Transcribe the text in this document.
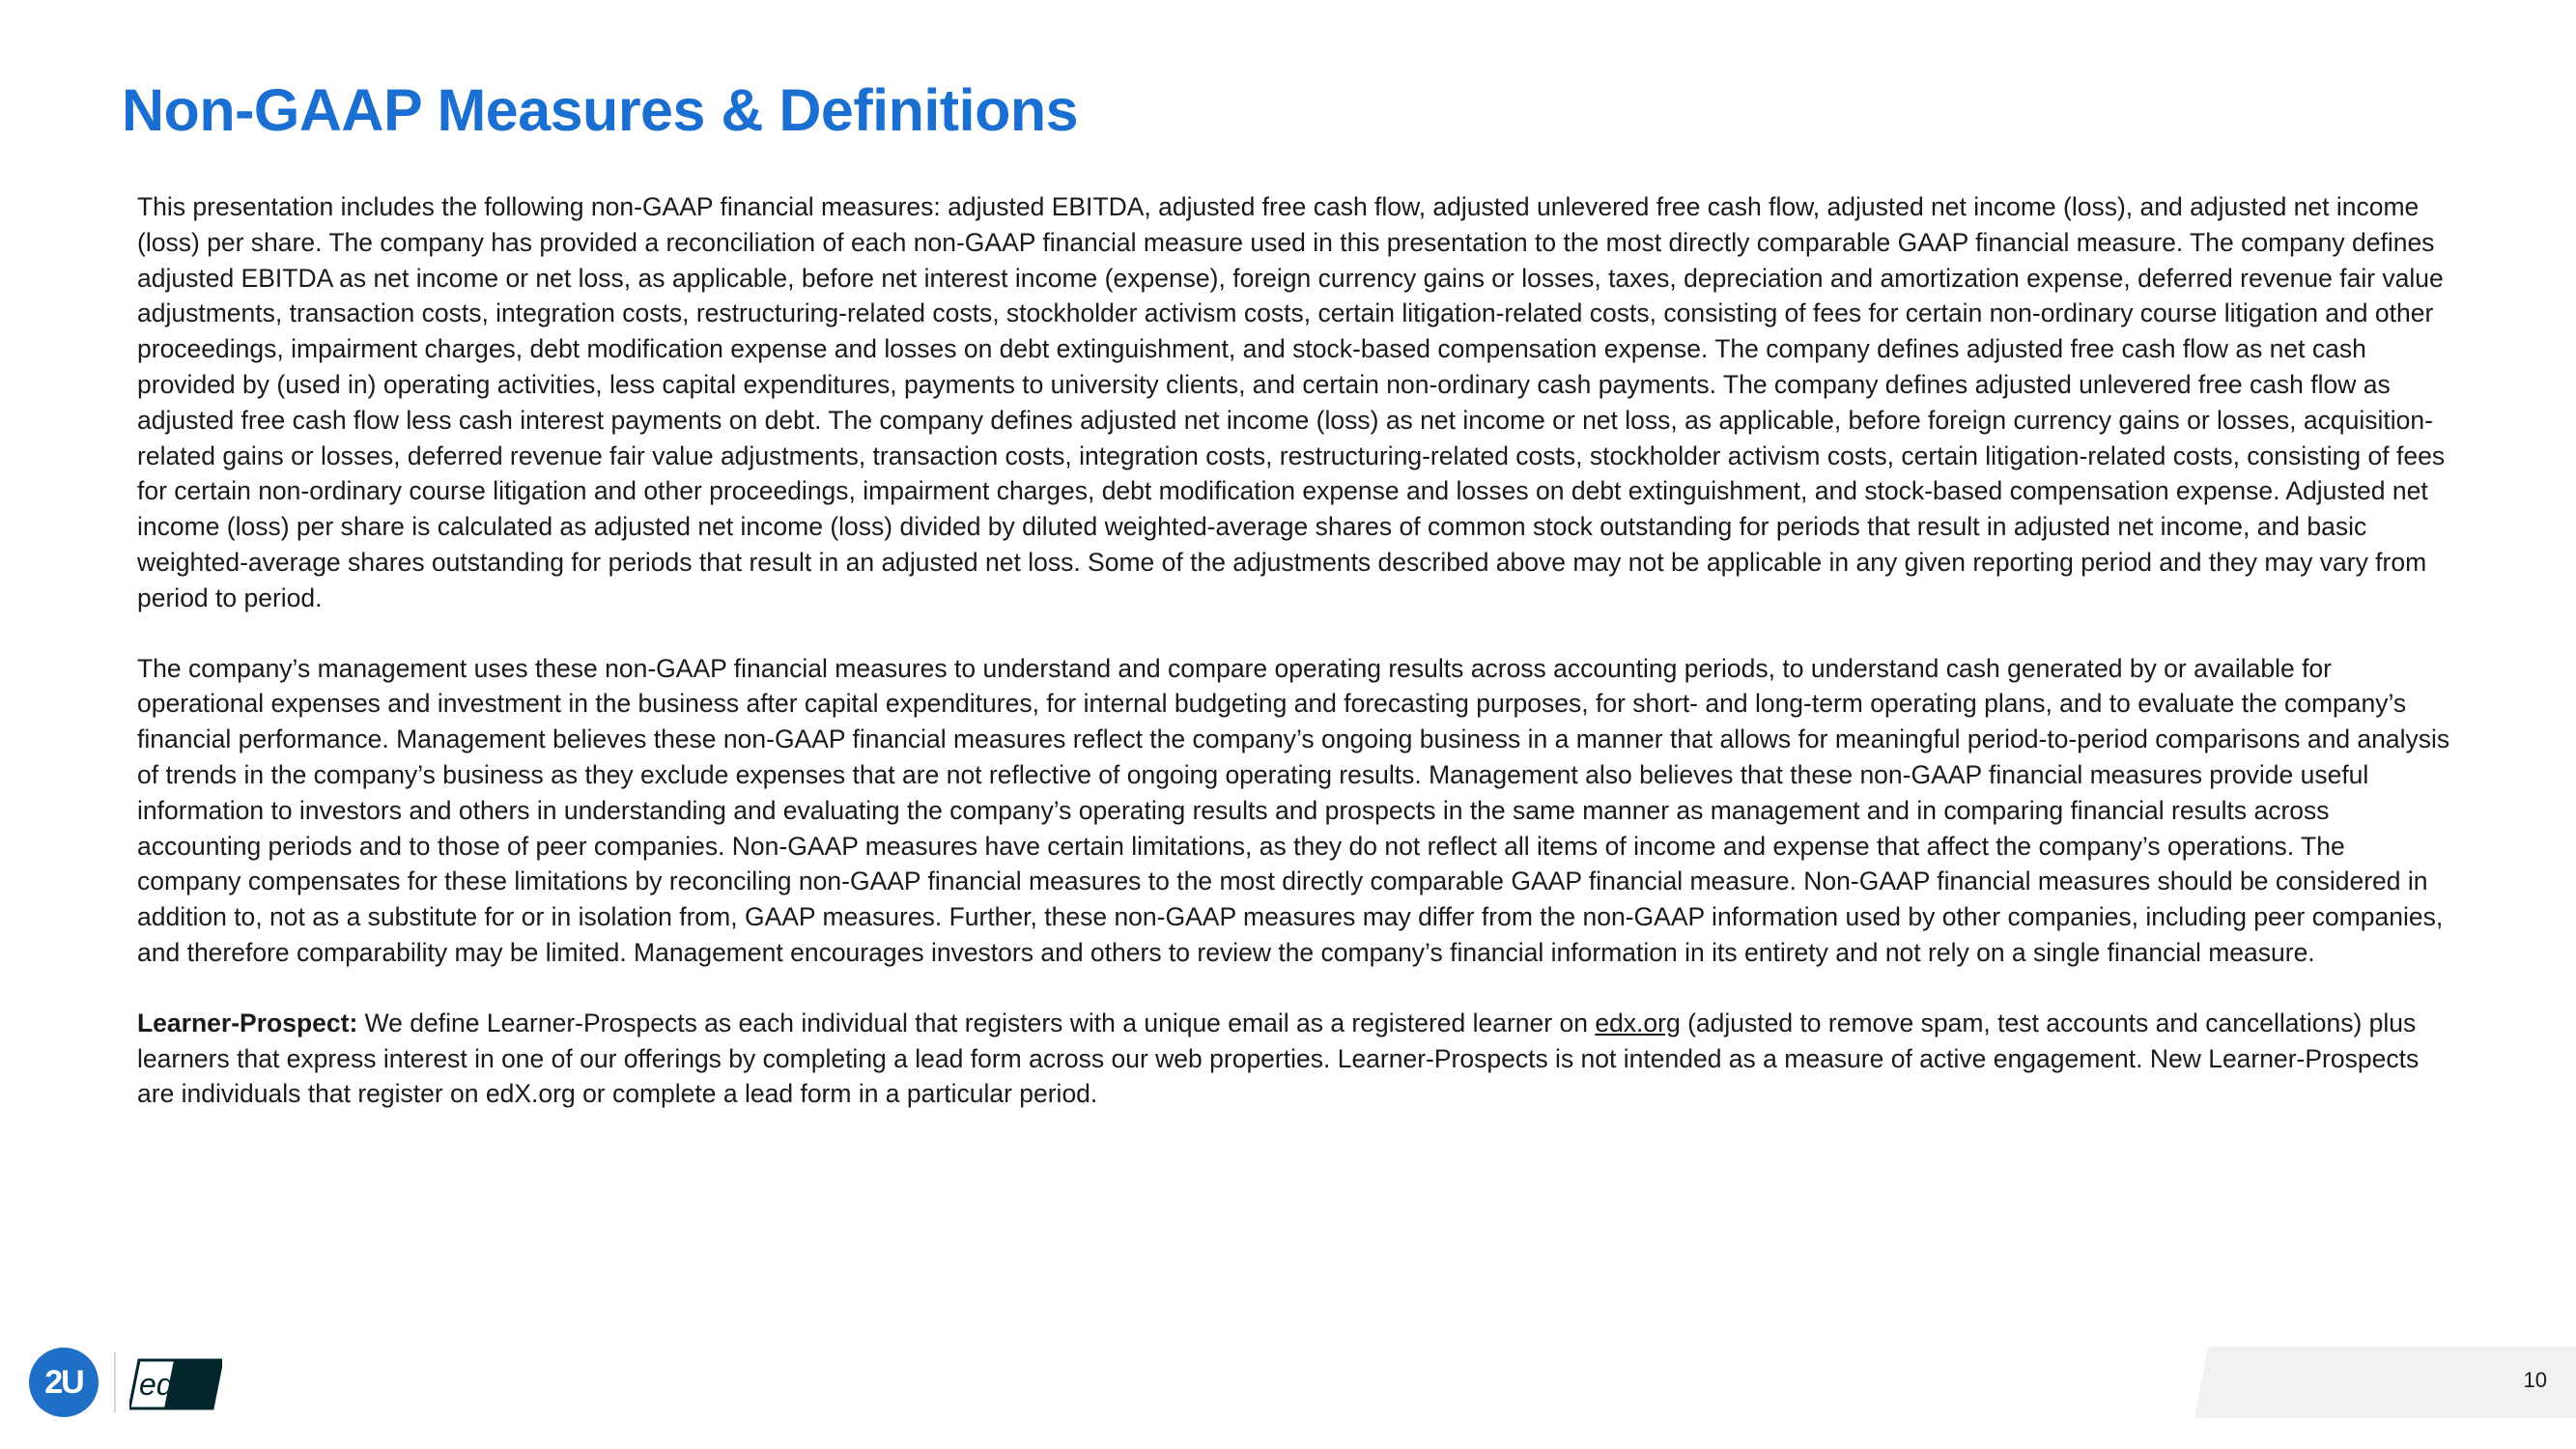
Non-GAAP Measures & Definitions

This presentation includes the following non-GAAP financial measures: adjusted EBITDA, adjusted free cash flow, adjusted unlevered free cash flow, adjusted net income (loss), and adjusted net income (loss) per share. The company has provided a reconciliation of each non-GAAP financial measure used in this presentation to the most directly comparable GAAP financial measure. The company defines adjusted EBITDA as net income or net loss, as applicable, before net interest income (expense), foreign currency gains or losses, taxes, depreciation and amortization expense, deferred revenue fair value adjustments, transaction costs, integration costs, restructuring-related costs, stockholder activism costs, certain litigation-related costs, consisting of fees for certain non-ordinary course litigation and other proceedings, impairment charges, debt modification expense and losses on debt extinguishment, and stock-based compensation expense. The company defines adjusted free cash flow as net cash provided by (used in) operating activities, less capital expenditures, payments to university clients, and certain non-ordinary cash payments. The company defines adjusted unlevered free cash flow as adjusted free cash flow less cash interest payments on debt. The company defines adjusted net income (loss) as net income or net loss, as applicable, before foreign currency gains or losses, acquisition-related gains or losses, deferred revenue fair value adjustments, transaction costs, integration costs, restructuring-related costs, stockholder activism costs, certain litigation-related costs, consisting of fees for certain non-ordinary course litigation and other proceedings, impairment charges, debt modification expense and losses on debt extinguishment, and stock-based compensation expense. Adjusted net income (loss) per share is calculated as adjusted net income (loss) divided by diluted weighted-average shares of common stock outstanding for periods that result in adjusted net income, and basic weighted-average shares outstanding for periods that result in an adjusted net loss. Some of the adjustments described above may not be applicable in any given reporting period and they may vary from period to period.

The company’s management uses these non-GAAP financial measures to understand and compare operating results across accounting periods, to understand cash generated by or available for operational expenses and investment in the business after capital expenditures, for internal budgeting and forecasting purposes, for short- and long-term operating plans, and to evaluate the company’s financial performance. Management believes these non-GAAP financial measures reflect the company’s ongoing business in a manner that allows for meaningful period-to-period comparisons and analysis of trends in the company’s business as they exclude expenses that are not reflective of ongoing operating results. Management also believes that these non-GAAP financial measures provide useful information to investors and others in understanding and evaluating the company’s operating results and prospects in the same manner as management and in comparing financial results across accounting periods and to those of peer companies. Non-GAAP measures have certain limitations, as they do not reflect all items of income and expense that affect the company’s operations. The company compensates for these limitations by reconciling non-GAAP financial measures to the most directly comparable GAAP financial measure. Non-GAAP financial measures should be considered in addition to, not as a substitute for or in isolation from, GAAP measures. Further, these non-GAAP measures may differ from the non-GAAP information used by other companies, including peer companies, and therefore comparability may be limited. Management encourages investors and others to review the company’s financial information in its entirety and not rely on a single financial measure.

Learner-Prospect: We define Learner-Prospects as each individual that registers with a unique email as a registered learner on edx.org (adjusted to remove spam, test accounts and cancellations) plus learners that express interest in one of our offerings by completing a lead form across our web properties. Learner-Prospects is not intended as a measure of active engagement. New Learner-Prospects are individuals that register on edX.org or complete a lead form in a particular period.

2U edX
®
10
